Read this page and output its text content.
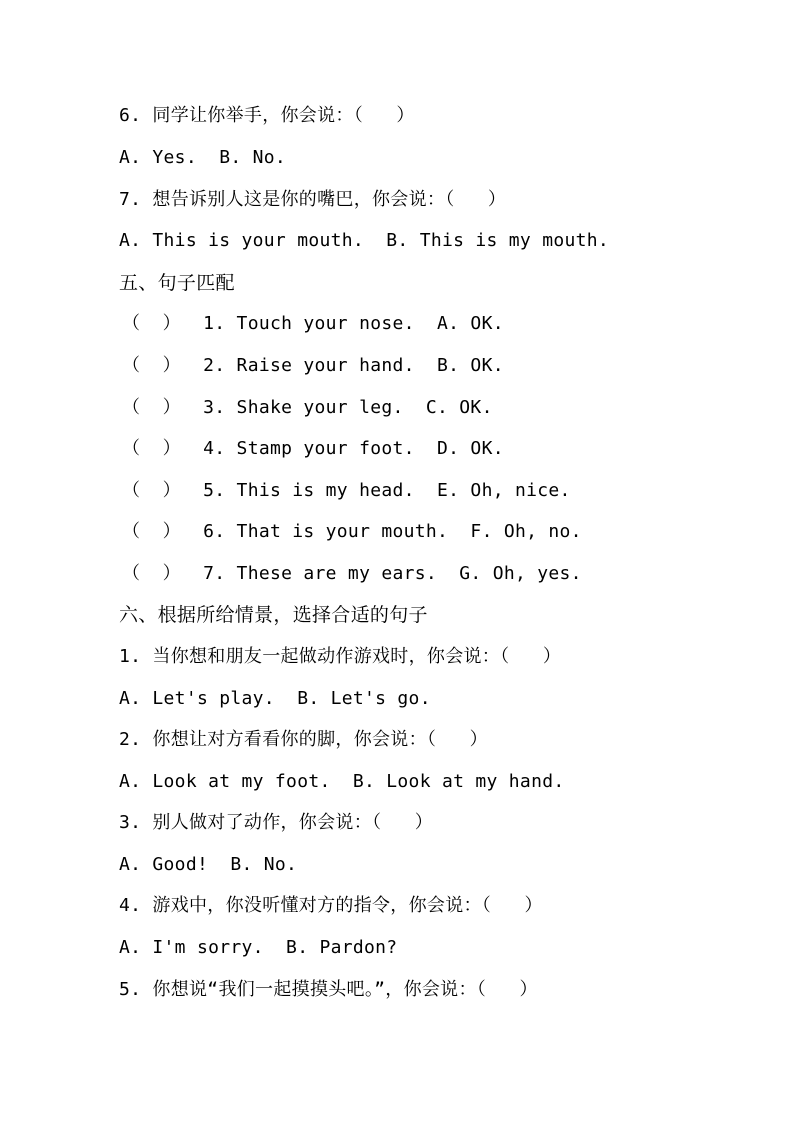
6. 同学让你举手，你会说：（   ）
A. Yes.  B. No.
7. 想告诉别人这是你的嘴巴，你会说：（   ）
A. This is your mouth.  B. This is my mouth.
五、句子匹配
（  ）  1. Touch your nose.  A. OK.
（  ）  2. Raise your hand.  B. OK.
（  ）  3. Shake your leg.  C. OK.
（  ）  4. Stamp your foot.  D. OK.
（  ）  5. This is my head.  E. Oh, nice.
（  ）  6. That is your mouth.  F. Oh, no.
（  ）  7. These are my ears.  G. Oh, yes.
六、根据所给情景，选择合适的句子
1. 当你想和朋友一起做动作游戏时，你会说：（   ）
A. Let's play.  B. Let's go.
2. 你想让对方看看你的脚，你会说：（   ）
A. Look at my foot.  B. Look at my hand.
3. 别人做对了动作，你会说：（   ）
A. Good!  B. No.
4. 游戏中，你没听懂对方的指令，你会说：（   ）
A. I'm sorry.  B. Pardon?
5. 你想说“我们一起摸摸头吧。”，你会说：（   ）
